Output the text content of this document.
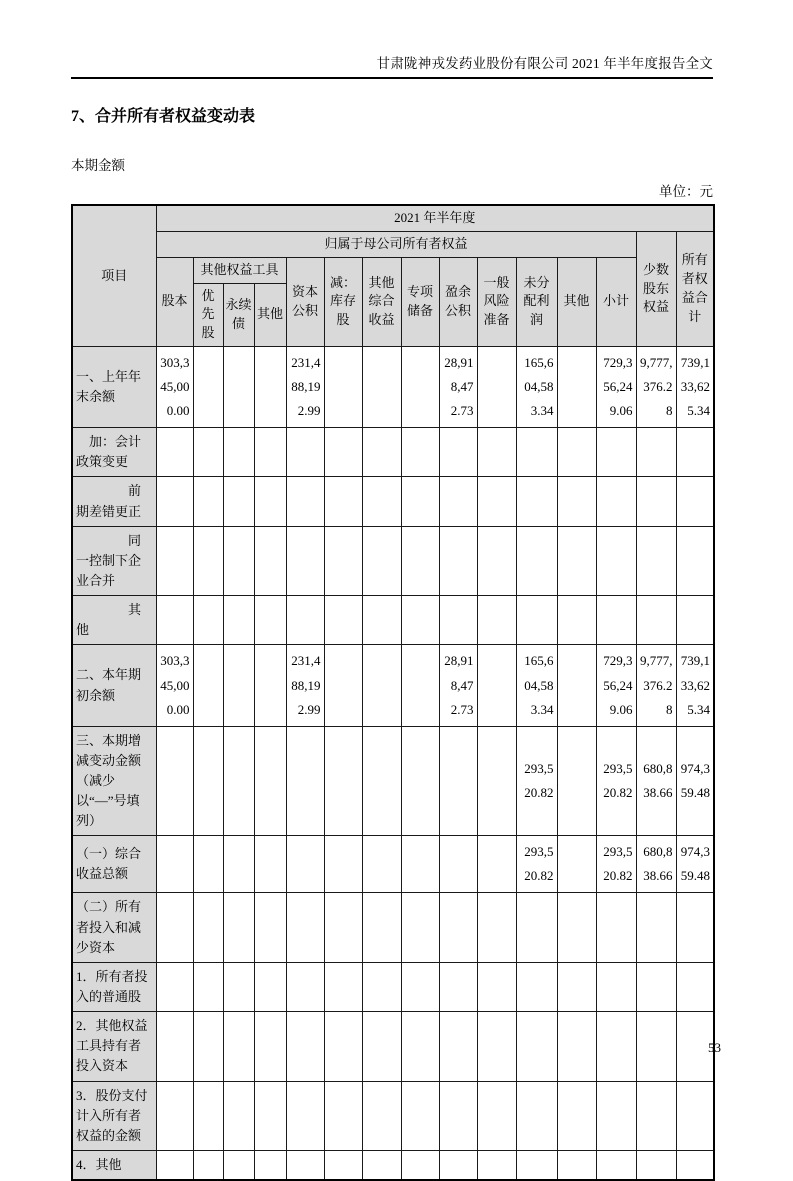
甘肃陇神戎发药业股份有限公司 2021 年半年度报告全文
7、合并所有者权益变动表
本期金额
单位：元
项目	2021 年半年度														
	归属于母公司所有者权益													少数股东权益	所有者权益合计
	股本	其他权益工具			资本公积	减：库存股	其他综合收益	专项储备	盈余公积	一般风险准备	未分配利润	其他	小计		
		优先股	永续债	其他											
一、上年年末余额	303,345,000.00				231,488,192.99				28,918,472.73		165,604,583.34		729,356,249.06	9,777,376.28	739,133,625.34
　加：会计政策变更															
　　　　前期差错更正															
　　　　同一控制下企业合并															
　　　　其他															
二、本年期初余额	303,345,000.00				231,488,192.99				28,918,472.73		165,604,583.34		729,356,249.06	9,777,376.28	739,133,625.34
三、本期增减变动金额（减少以“—”号填列）											293,520.82		293,520.82	680,838.66	974,359.48
（一）综合收益总额											293,520.82		293,520.82	680,838.66	974,359.48
（二）所有者投入和减少资本															
1．所有者投入的普通股															
2．其他权益工具持有者投入资本															
3．股份支付计入所有者权益的金额															
4．其他															
53
